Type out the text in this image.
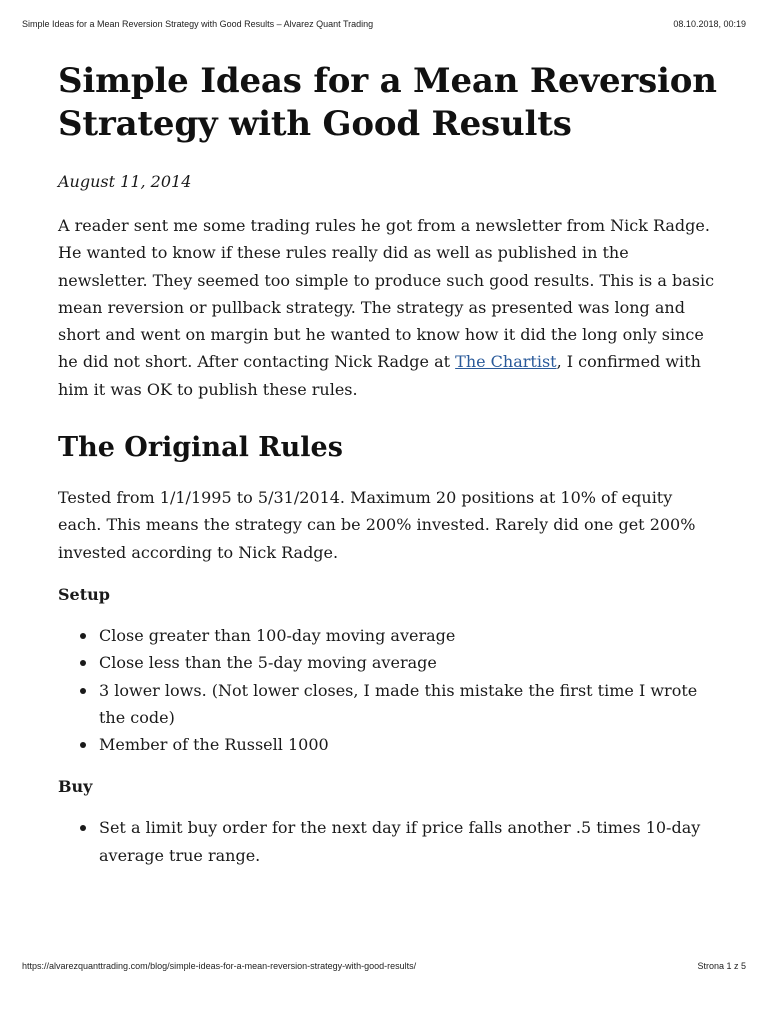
Simple Ideas for a Mean Reversion Strategy with Good Results – Alvarez Quant Trading	08.10.2018, 00:19
Simple Ideas for a Mean Reversion Strategy with Good Results

August 11, 2014

A reader sent me some trading rules he got from a newsletter from Nick Radge. He wanted to know if these rules really did as well as published in the newsletter. They seemed too simple to produce such good results. This is a basic mean reversion or pullback strategy. The strategy as presented was long and short and went on margin but he wanted to know how it did the long only since he did not short. After contacting Nick Radge at The Chartist, I confirmed with him it was OK to publish these rules.

The Original Rules

Tested from 1/1/1995 to 5/31/2014. Maximum 20 positions at 10% of equity each. This means the strategy can be 200% invested. Rarely did one get 200% invested according to Nick Radge.

Setup
Close greater than 100-day moving average
Close less than the 5-day moving average
3 lower lows. (Not lower closes, I made this mistake the first time I wrote the code)
Member of the Russell 1000
Buy
Set a limit buy order for the next day if price falls another .5 times 10-day average true range.
https://alvarezquanttrading.com/blog/simple-ideas-for-a-mean-reversion-strategy-with-good-results/	Strona 1 z 5
